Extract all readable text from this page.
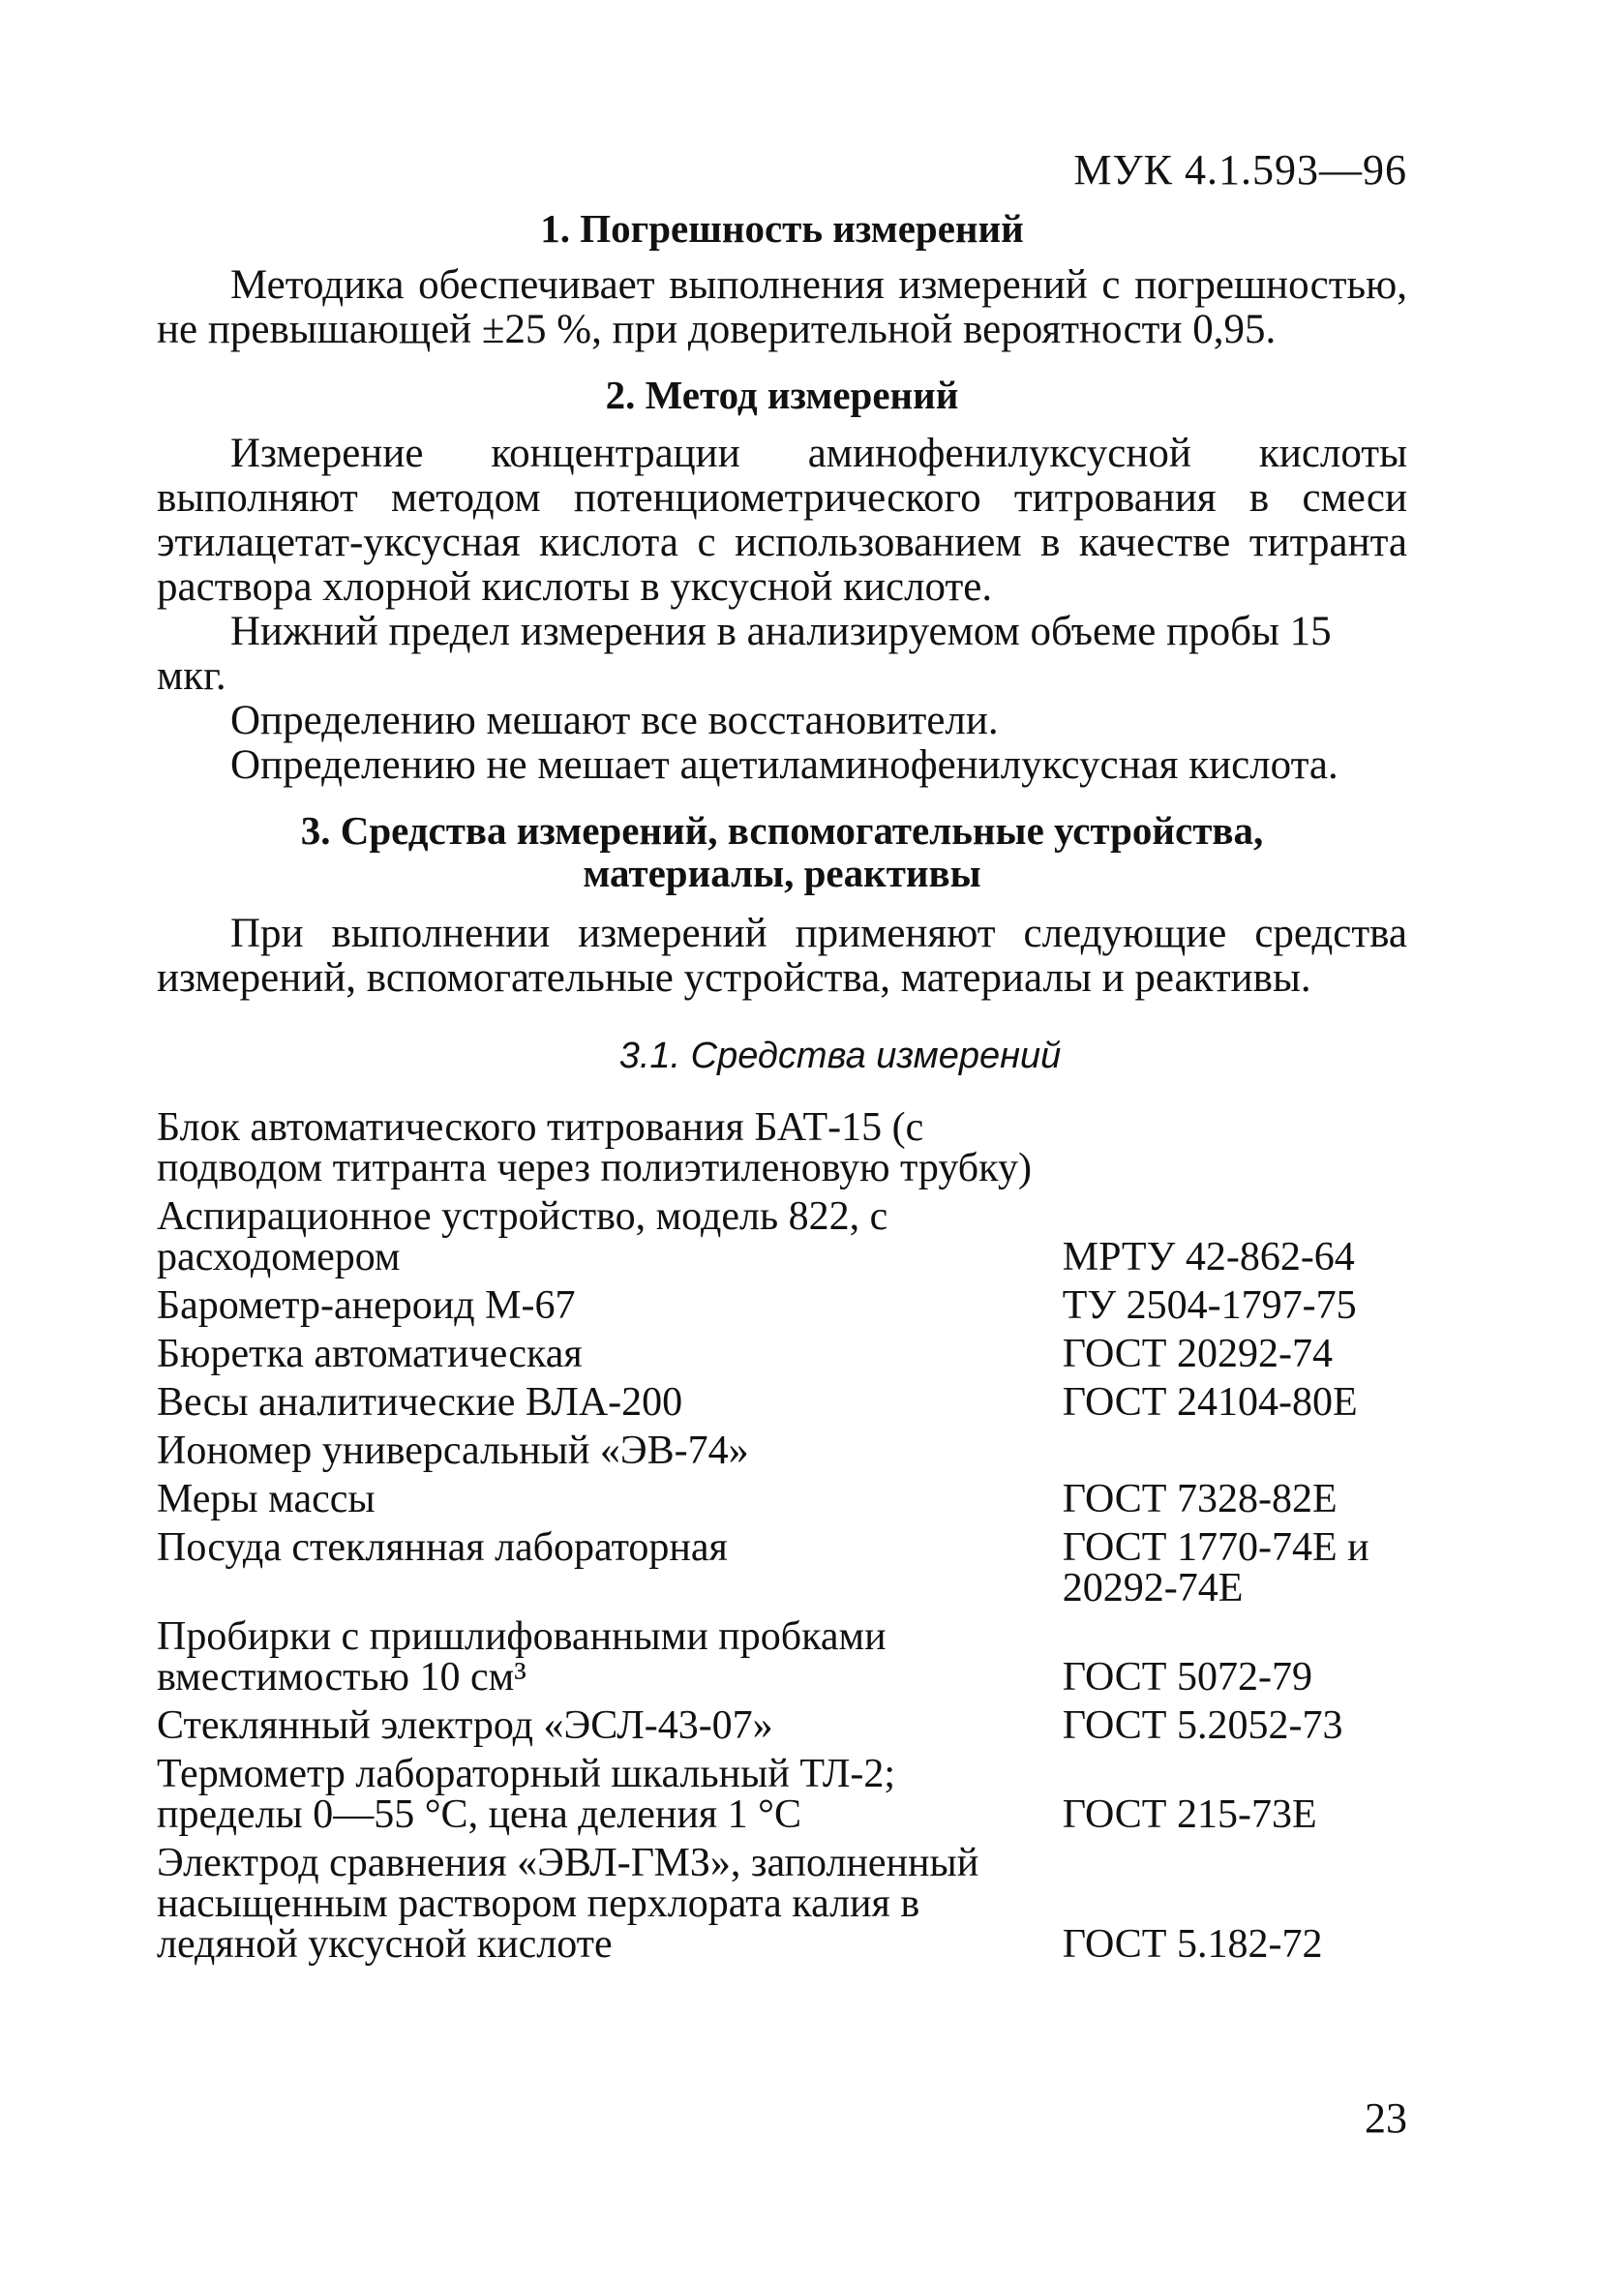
МУК 4.1.593—96
1. Погрешность измерений
Методика обеспечивает выполнения измерений с погрешностью, не превышающей ±25 %, при доверительной вероятности 0,95.
2. Метод измерений
Измерение концентрации аминофенилуксусной кислоты выполняют методом потенциометрического титрования в смеси этилацетат-уксусная кислота с использованием в качестве титранта раствора хлорной кислоты в уксусной кислоте.
Нижний предел измерения в анализируемом объеме пробы 15 мкг.
Определению мешают все восстановители.
Определению не мешает ацетиламинофенилуксусная кислота.
3. Средства измерений, вспомогательные устройства,
материалы, реактивы
При выполнении измерений применяют следующие средства измерений, вспомогательные устройства, материалы и реактивы.
3.1. Средства измерений
Блок автоматического титрования БАТ-15 (с подводом титранта через полиэтиленовую трубку)	
Аспирационное устройство, модель 822, с расходомером	МРТУ 42-862-64
Барометр-анероид М-67	ТУ 2504-1797-75
Бюретка автоматическая	ГОСТ 20292-74
Весы аналитические ВЛА-200	ГОСТ 24104-80Е
Иономер универсальный «ЭВ-74»	
Меры массы	ГОСТ 7328-82Е
Посуда стеклянная лабораторная	ГОСТ 1770-74Е и 20292-74Е
Пробирки с пришлифованными пробками вместимостью 10 см³	ГОСТ 5072-79
Стеклянный электрод «ЭСЛ-43-07»	ГОСТ 5.2052-73
Термометр лабораторный шкальный ТЛ-2; пределы 0—55 °С, цена деления 1 °С	ГОСТ 215-73Е
Электрод сравнения «ЭВЛ-ГМЗ», заполненный насыщенным раствором перхлората калия в ледяной уксусной кислоте	ГОСТ 5.182-72
23
